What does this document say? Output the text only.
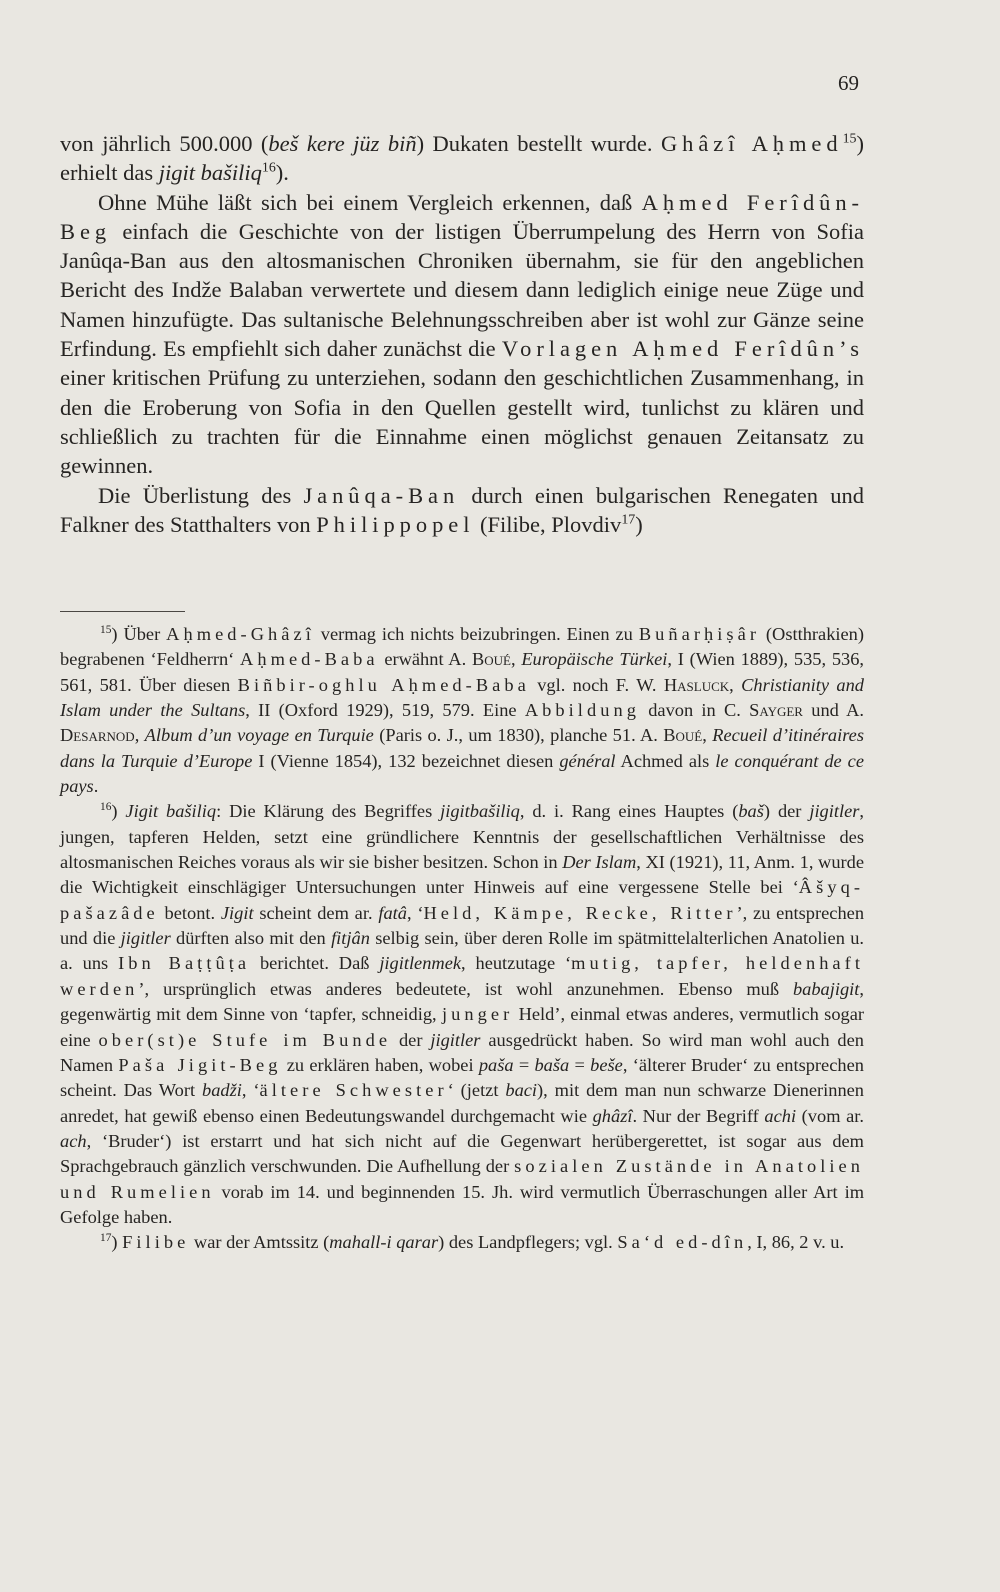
69

von jährlich 500.000 (beš kere jüz biñ) Dukaten bestellt wurde. Ghâzî Aḥmed$^{15}$) erhielt das jigit bašiliq$^{16}$).

Ohne Mühe läßt sich bei einem Vergleich erkennen, daß Aḥmed Ferîdûn-Beg einfach die Geschichte von der listigen Überrumpelung des Herrn von Sofia Janûqa-Ban aus den altosmanischen Chroniken übernahm, sie für den angeblichen Bericht des Indže Balaban verwertete und diesem dann lediglich einige neue Züge und Namen hinzufügte. Das sultanische Belehnungsschreiben aber ist wohl zur Gänze seine Erfindung. Es empfiehlt sich daher zunächst die Vorlagen Aḥmed Ferîdûn’s einer kritischen Prüfung zu unterziehen, sodann den geschichtlichen Zusammenhang, in den die Eroberung von Sofia in den Quellen gestellt wird, tunlichst zu klären und schließlich zu trachten für die Einnahme einen möglichst genauen Zeitansatz zu gewinnen.

Die Überlistung des Janûqa-Ban durch einen bulgarischen Renegaten und Falkner des Statthalters von Philippopel (Filibe, Plovdiv$^{17}$)

$^{15}$) Über Aḥmed-Ghâzî vermag ich nichts beizubringen. Einen zu Buñarḥiṣâr (Ostthrakien) begrabenen ‘Feldherrn‘ Aḥmed-Baba erwähnt A. Boué, Europäische Türkei, I (Wien 1889), 535, 536, 561, 581. Über diesen Biñbir-oghlu Aḥmed-Baba vgl. noch F. W. Hasluck, Christianity and Islam under the Sultans, II (Oxford 1929), 519, 579. Eine Abbildung davon in C. Sayger und A. Desarnod, Album d’un voyage en Turquie (Paris o. J., um 1830), planche 51. A. Boué, Recueil d’itinéraires dans la Turquie d’Europe I (Vienne 1854), 132 bezeichnet diesen général Achmed als le conquérant de ce pays.

$^{16}$) Jigit bašiliq: Die Klärung des Begriffes jigitbašiliq, d. i. Rang eines Hauptes (baš) der jigitler, jungen, tapferen Helden, setzt eine gründlichere Kenntnis der gesellschaftlichen Verhältnisse des altosmanischen Reiches voraus als wir sie bisher besitzen. Schon in Der Islam, XI (1921), 11, Anm. 1, wurde die Wichtigkeit einschlägiger Untersuchungen unter Hinweis auf eine vergessene Stelle bei ‘Âšyq-pašazâde betont. Jigit scheint dem ar. fatâ, ‘Held, Kämpe, Recke, Ritter’, zu entsprechen und die jigitler dürften also mit den fitjân selbig sein, über deren Rolle im spätmittelalterlichen Anatolien u. a. uns Ibn Baṭṭûṭa berichtet. Daß jigitlenmek, heutzutage ‘mutig, tapfer, heldenhaft werden’, ursprünglich etwas anderes bedeutete, ist wohl anzunehmen. Ebenso muß babajigit, gegenwärtig mit dem Sinne von ‘tapfer, schneidig, junger Held’, einmal etwas anderes, vermutlich sogar eine ober(st)e Stufe im Bunde der jigitler ausgedrückt haben. So wird man wohl auch den Namen Paša Jigit-Beg zu erklären haben, wobei paša = baša = beše, ‘älterer Bruder‘ zu entsprechen scheint. Das Wort badži, ‘ältere Schwester‘ (jetzt baci), mit dem man nun schwarze Dienerinnen anredet, hat gewiß ebenso einen Bedeutungswandel durchgemacht wie ghâzî. Nur der Begriff achi (vom ar. ach, ‘Bruder‘) ist erstarrt und hat sich nicht auf die Gegenwart herübergerettet, ist sogar aus dem Sprachgebrauch gänzlich verschwunden. Die Aufhellung der sozialen Zustände in Anatolien und Rumelien vorab im 14. und beginnenden 15. Jh. wird vermutlich Überraschungen aller Art im Gefolge haben.

$^{17}$) Filibe war der Amtssitz (mahall-i qarar) des Landpflegers; vgl. Sa‘d ed-dîn, I, 86, 2 v. u.
